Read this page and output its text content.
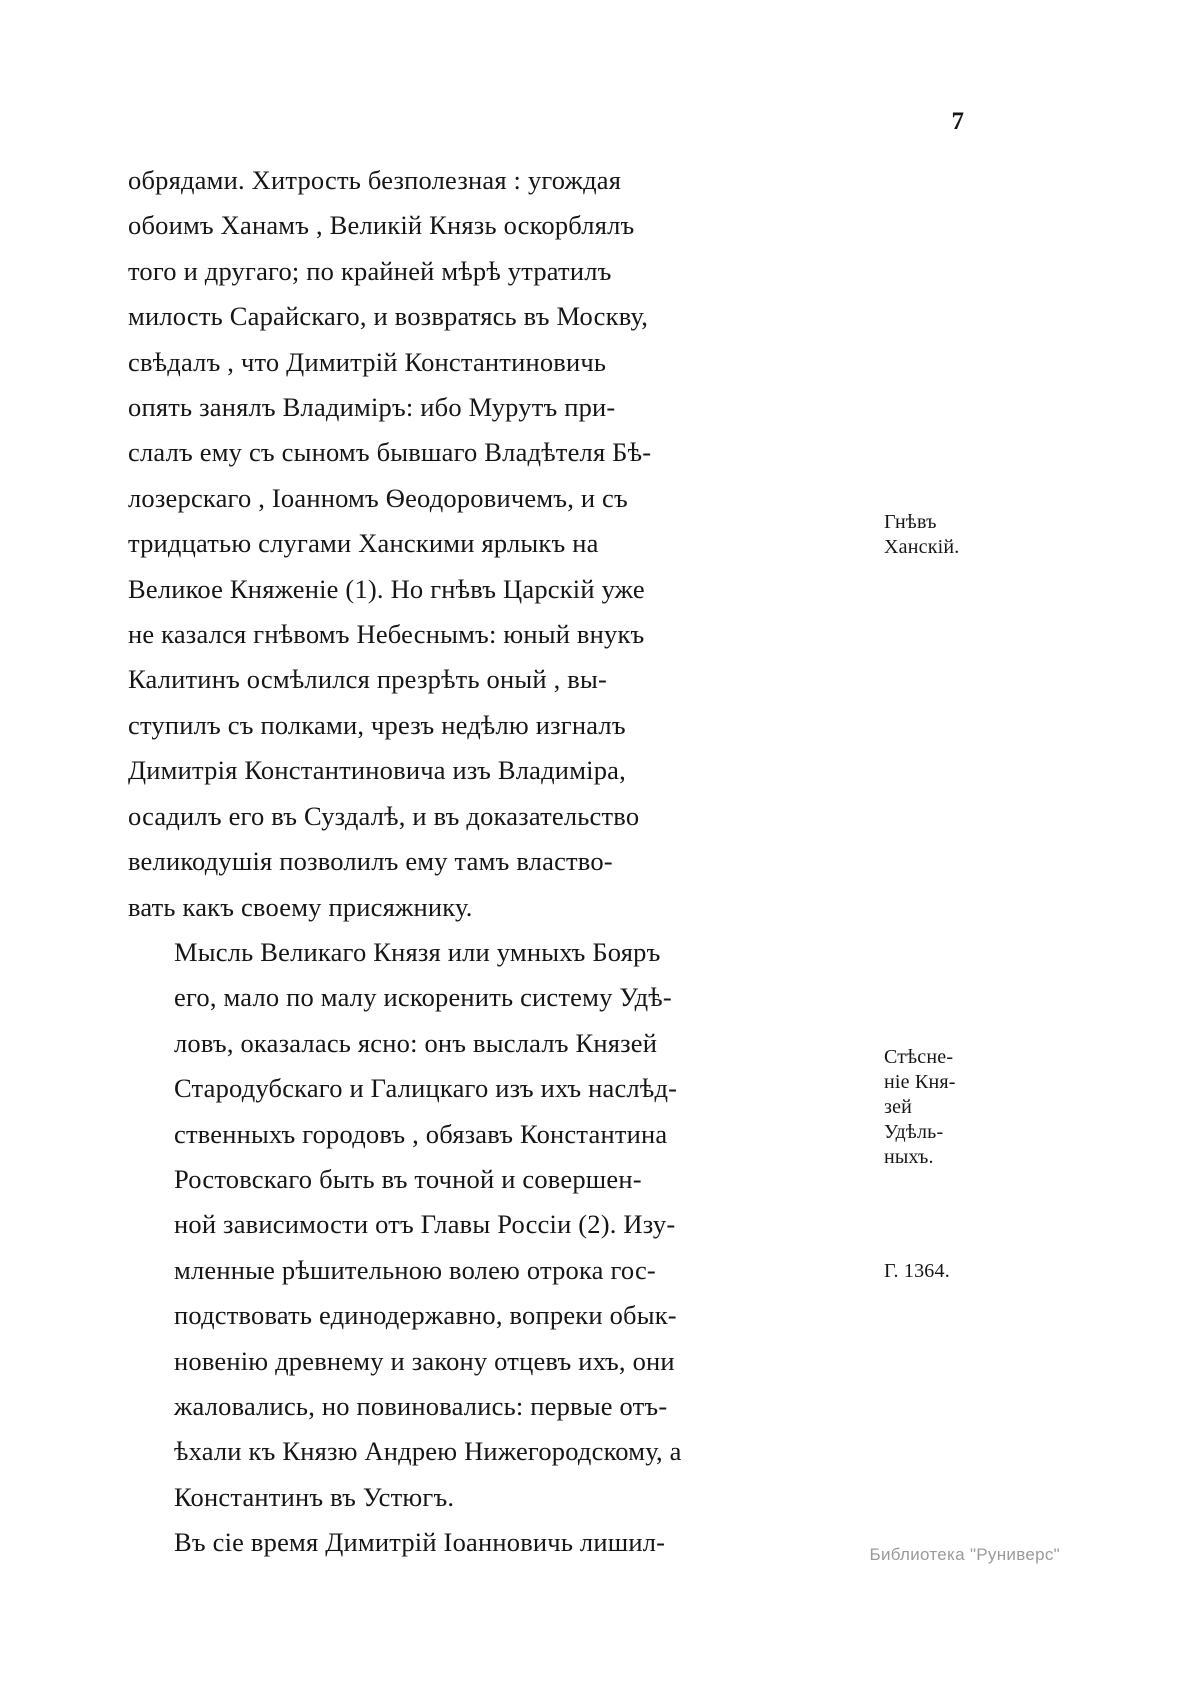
7

обрядами. Хитрость безполезная : угождая
обоимъ Ханамъ , Великій Князь оскорблялъ
того и другаго; по крайней мѣрѣ утратилъ
милость Сарайскаго, и возвратясь въ Москву,
свѣдалъ , что Димитрій Константиновичь
опять занялъ Владиміръ: ибо Мурутъ при-
слалъ ему съ сыномъ бывшаго Владѣтеля Бѣ-
лозерскаго , Іоанномъ Ѳеодоровичемъ, и съ
тридцатью слугами Ханскими ярлыкъ на
Великое Княженіе (1). Но гнѣвъ Царскій уже
не казался гнѣвомъ Небеснымъ: юный внукъ
Калитинъ осмѣлился презрѣть оный , вы-
ступилъ съ полками, чрезъ недѣлю изгналъ
Димитрія Константиновича изъ Владиміра,
осадилъ его въ Суздалѣ, и въ доказательство
великодушія позволилъ ему тамъ властво-
вать какъ своему присяжнику.

Мысль Великаго Князя или умныхъ Бояръ
его, мало по малу искоренить систему Удѣ-
ловъ, оказалась ясно: онъ выслалъ Князей
Стародубскаго и Галицкаго изъ ихъ наслѣд-
ственныхъ городовъ , обязавъ Константина
Ростовскаго быть въ точной и совершен-
ной зависимости отъ Главы Россіи (2). Изу-
мленные рѣшительною волею отрока гос-
подствовать единодержавно, вопреки обык-
новенію древнему и закону отцевъ ихъ, они
жаловались, но повиновались: первые отъ-
ѣхали къ Князю Андрею Нижегородскому, а
Константинъ въ Устюгъ.

Въ сіе время Димитрій Іоанновичь лишил-

Гнѣвъ
Ханскій.
Стѣсне-
ніе Кня-
зей
Удѣль-
ныхъ.
Г. 1364.
Библиотека "Руниверс"
